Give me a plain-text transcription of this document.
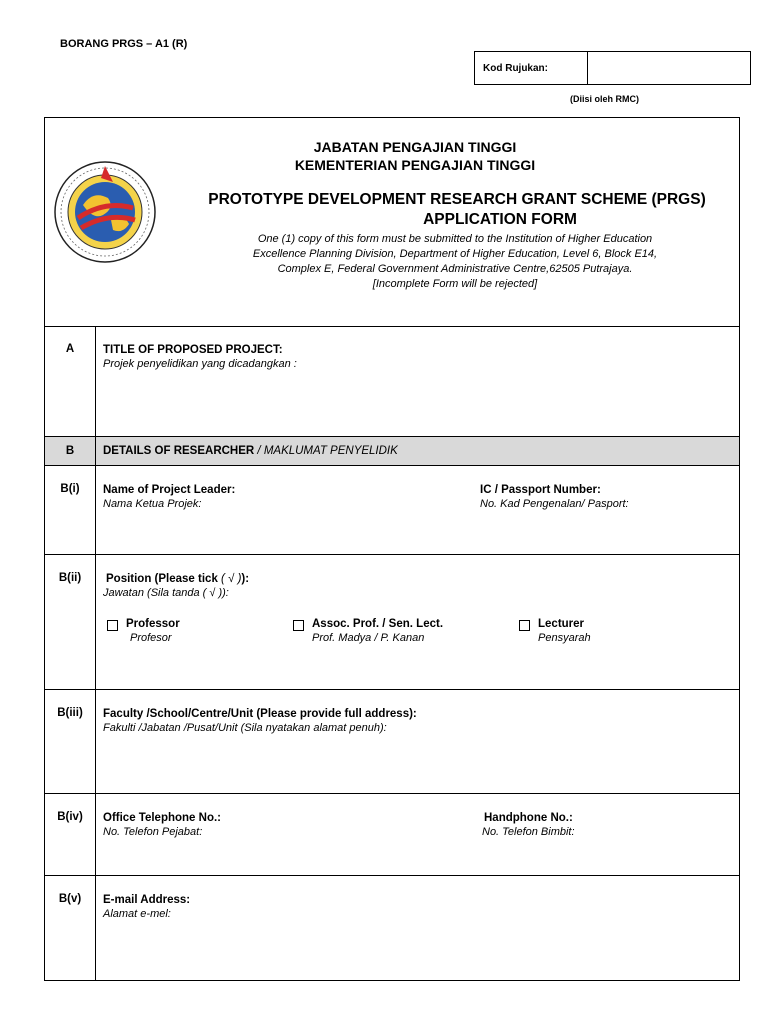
BORANG PRGS – A1 (R)
Kod Rujukan:
(Diisi oleh RMC)
JABATAN PENGAJIAN TINGGI
KEMENTERIAN PENGAJIAN TINGGI
PROTOTYPE DEVELOPMENT RESEARCH GRANT SCHEME (PRGS)
APPLICATION FORM
One (1) copy of this form must be submitted to the Institution of Higher Education
Excellence Planning Division, Department of Higher Education, Level 6, Block E14,
Complex E, Federal Government Administrative Centre,62505 Putrajaya.
[Incomplete Form will be rejected]
A	TITLE OF PROPOSED PROJECT:
Projek penyelidikan yang dicadangkan :
B	DETAILS OF RESEARCHER / MAKLUMAT PENYELIDIK
B(i)	Name of Project Leader:
Nama Ketua Projek:
IC / Passport Number:
No. Kad Pengenalan/ Pasport:
B(ii)	Position (Please tick ( √ )):
Jawatan (Sila tanda ( √ )):
Professor
Profesor
Assoc. Prof. / Sen. Lect.
Prof. Madya / P. Kanan
Lecturer
Pensyarah
B(iii)	Faculty /School/Centre/Unit (Please provide full address):
Fakulti /Jabatan /Pusat/Unit (Sila nyatakan alamat penuh):
B(iv)	Office Telephone No.:
No. Telefon Pejabat:
Handphone No.:
No. Telefon Bimbit:
B(v)	E-mail Address:
Alamat e-mel:
